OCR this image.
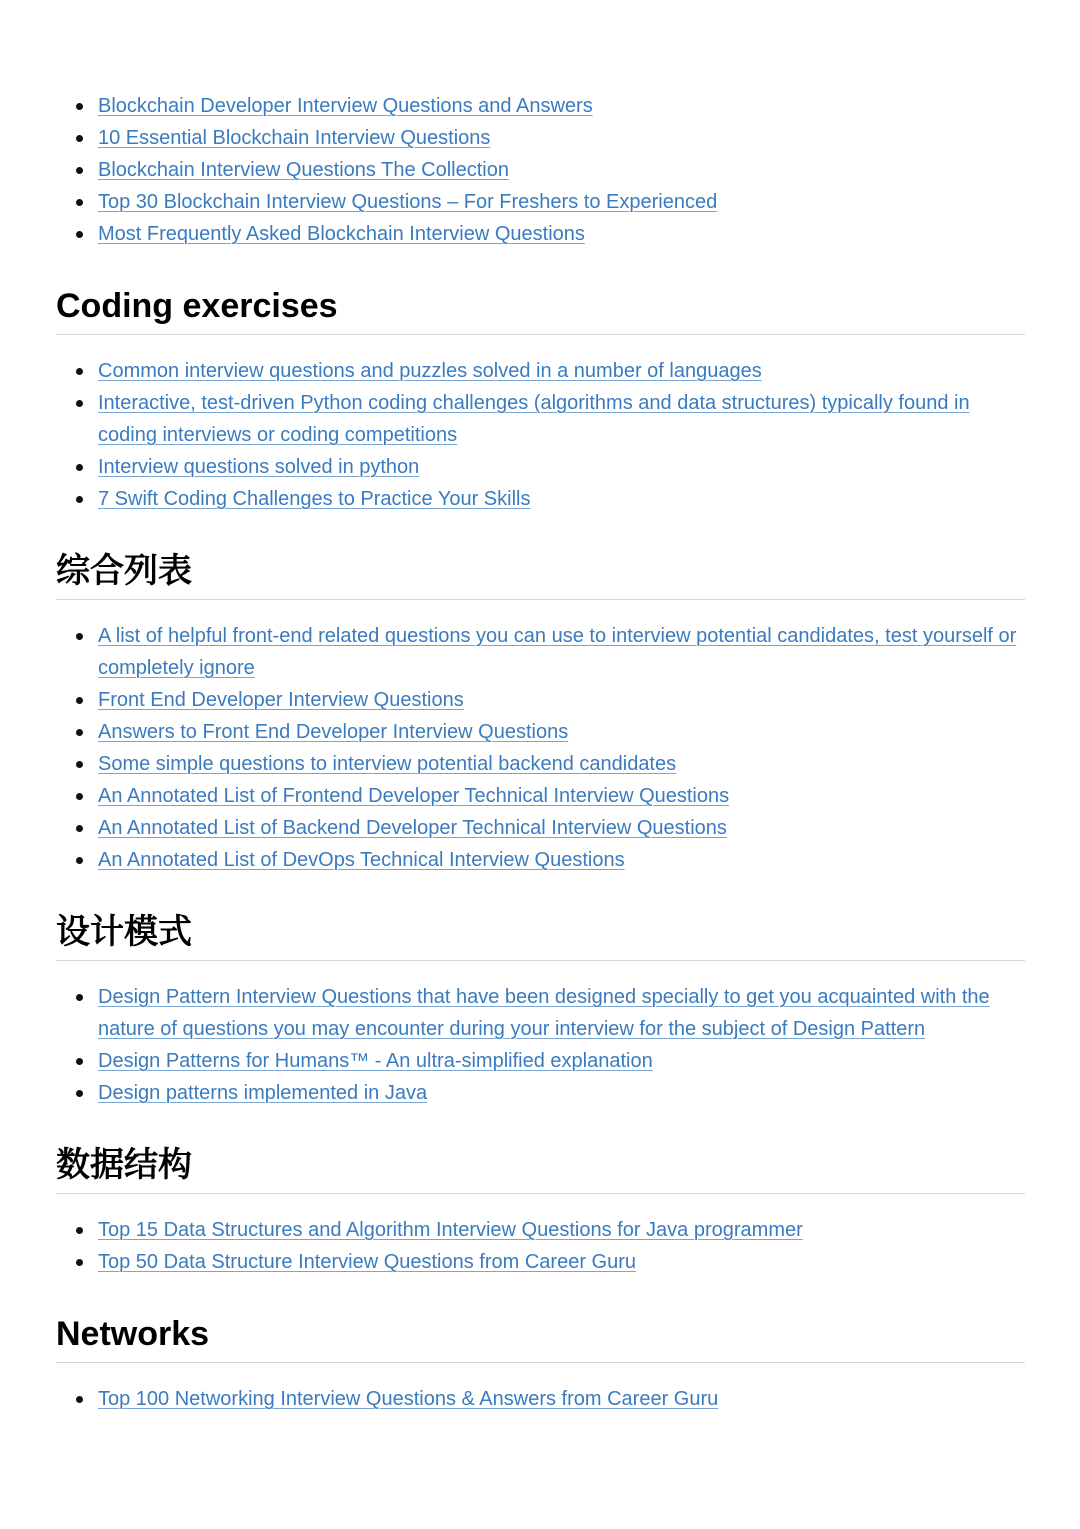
Blockchain Developer Interview Questions and Answers
10 Essential Blockchain Interview Questions
Blockchain Interview Questions The Collection
Top 30 Blockchain Interview Questions – For Freshers to Experienced
Most Frequently Asked Blockchain Interview Questions
Coding exercises
Common interview questions and puzzles solved in a number of languages
Interactive, test-driven Python coding challenges (algorithms and data structures) typically found in coding interviews or coding competitions
Interview questions solved in python
7 Swift Coding Challenges to Practice Your Skills
综合列表
A list of helpful front-end related questions you can use to interview potential candidates, test yourself or completely ignore
Front End Developer Interview Questions
Answers to Front End Developer Interview Questions
Some simple questions to interview potential backend candidates
An Annotated List of Frontend Developer Technical Interview Questions
An Annotated List of Backend Developer Technical Interview Questions
An Annotated List of DevOps Technical Interview Questions
设计模式
Design Pattern Interview Questions that have been designed specially to get you acquainted with the nature of questions you may encounter during your interview for the subject of Design Pattern
Design Patterns for Humans™ - An ultra-simplified explanation
Design patterns implemented in Java
数据结构
Top 15 Data Structures and Algorithm Interview Questions for Java programmer
Top 50 Data Structure Interview Questions from Career Guru
Networks
Top 100 Networking Interview Questions & Answers from Career Guru
